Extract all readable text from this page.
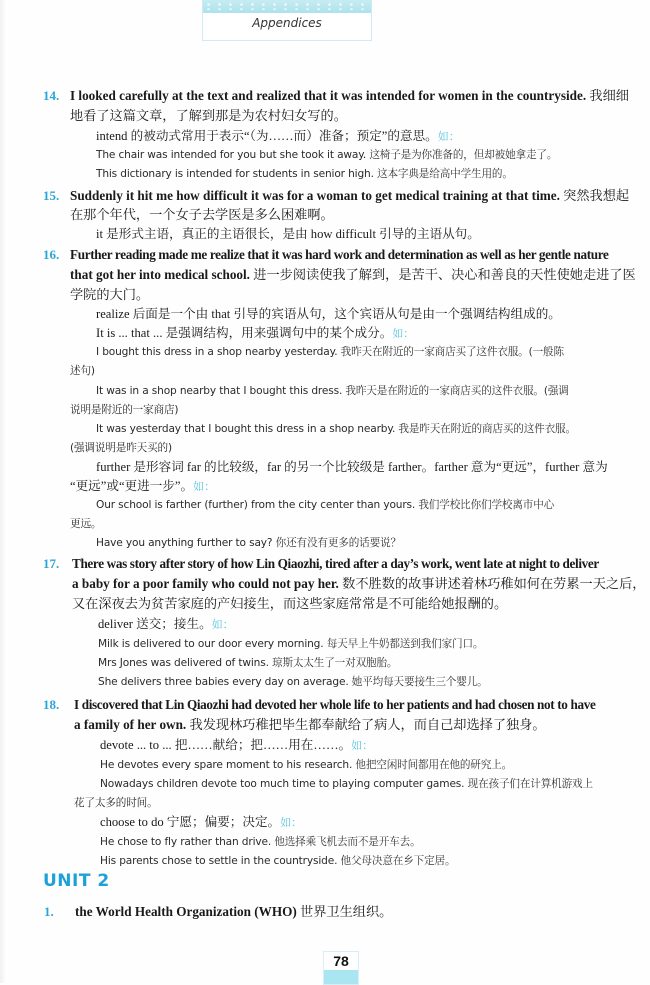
Appendices
14. I looked carefully at the text and realized that it was intended for women in the countryside. 我细细
地看了这篇文章，了解到那是为农村妇女写的。
intend 的被动式常用于表示“（为……而）准备；预定”的意思。如：
The chair was intended for you but she took it away. 这椅子是为你准备的，但却被她拿走了。
This dictionary is intended for students in senior high. 这本字典是给高中学生用的。
15. Suddenly it hit me how difficult it was for a woman to get medical training at that time. 突然我想起
在那个年代，一个女子去学医是多么困难啊。
it 是形式主语，真正的主语很长，是由 how difficult 引导的主语从句。
16. Further reading made me realize that it was hard work and determination as well as her gentle nature
that got her into medical school. 进一步阅读使我了解到，是苦干、决心和善良的天性使她走进了医
学院的大门。
realize 后面是一个由 that 引导的宾语从句，这个宾语从句是由一个强调结构组成的。
It is ... that ... 是强调结构，用来强调句中的某个成分。如：
I bought this dress in a shop nearby yesterday. 我昨天在附近的一家商店买了这件衣服。(一般陈
述句)
It was in a shop nearby that I bought this dress. 我昨天是在附近的一家商店买的这件衣服。(强调
说明是附近的一家商店)
It was yesterday that I bought this dress in a shop nearby. 我是昨天在附近的商店买的这件衣服。
(强调说明是昨天买的)
further 是形容词 far 的比较级，far 的另一个比较级是 farther。farther 意为“更远”，further 意为
“更远”或“更进一步”。如：
Our school is farther (further) from the city center than yours. 我们学校比你们学校离市中心
更远。
Have you anything further to say? 你还有没有更多的话要说？
17. There was story after story of how Lin Qiaozhi, tired after a day’s work, went late at night to deliver
a baby for a poor family who could not pay her. 数不胜数的故事讲述着林巧稚如何在劳累一天之后，
又在深夜去为贫苦家庭的产妇接生，而这些家庭常常是不可能给她报酬的。
deliver 送交；接生。如：
Milk is delivered to our door every morning. 每天早上牛奶都送到我们家门口。
Mrs Jones was delivered of twins. 琼斯太太生了一对双胞胎。
She delivers three babies every day on average. 她平均每天要接生三个婴儿。
18. I discovered that Lin Qiaozhi had devoted her whole life to her patients and had chosen not to have
a family of her own. 我发现林巧稚把毕生都奉献给了病人，而自己却选择了独身。
devote ... to ... 把……献给；把……用在……。如：
He devotes every spare moment to his research. 他把空闲时间都用在他的研究上。
Nowadays children devote too much time to playing computer games. 现在孩子们在计算机游戏上
花了太多的时间。
choose to do 宁愿；偏要；决定。如：
He chose to fly rather than drive. 他选择乘飞机去而不是开车去。
His parents chose to settle in the countryside. 他父母决意在乡下定居。
UNIT 2
1. the World Health Organization (WHO) 世界卫生组织。
78
